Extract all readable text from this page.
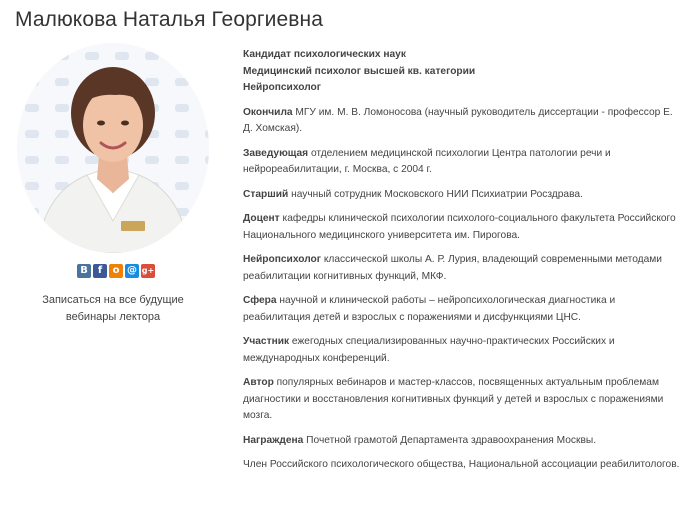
Малюкова Наталья Георгиевна
В	f	о @ g+
Записаться на все будущие вебинары лектора

Кандидат психологических наук

Медицинский психолог высшей кв. категории

Нейропсихолог

Окончила МГУ им. М. В. Ломоносова (научный руководитель диссертации - профессор Е. Д. Хомская).

Заведующая отделением медицинской психологии Центра патологии речи и нейрореабилитации, г. Москва, с 2004 г.

Старший научный сотрудник Московского НИИ Психиатрии Росздрава.

Доцент кафедры клинической психологии психолого-социального факультета Российского Национального медицинского университета им. Пирогова.

Нейропсихолог классической школы А. Р. Лурия, владеющий современными методами реабилитации когнитивных функций, МКФ.

Сфера научной и клинической работы – нейропсихологическая диагностика и реабилитация детей и взрослых с поражениями и дисфункциями ЦНС.

Участник ежегодных специализированных научно-практических Российских и международных конференций.

Автор популярных вебинаров и мастер-классов, посвященных актуальным проблемам диагностики и восстановления когнитивных функций у детей и взрослых с поражениями мозга.

Награждена Почетной грамотой Департамента здравоохранения Москвы.

Член Российского психологического общества, Национальной ассоциации реабилитологов.
